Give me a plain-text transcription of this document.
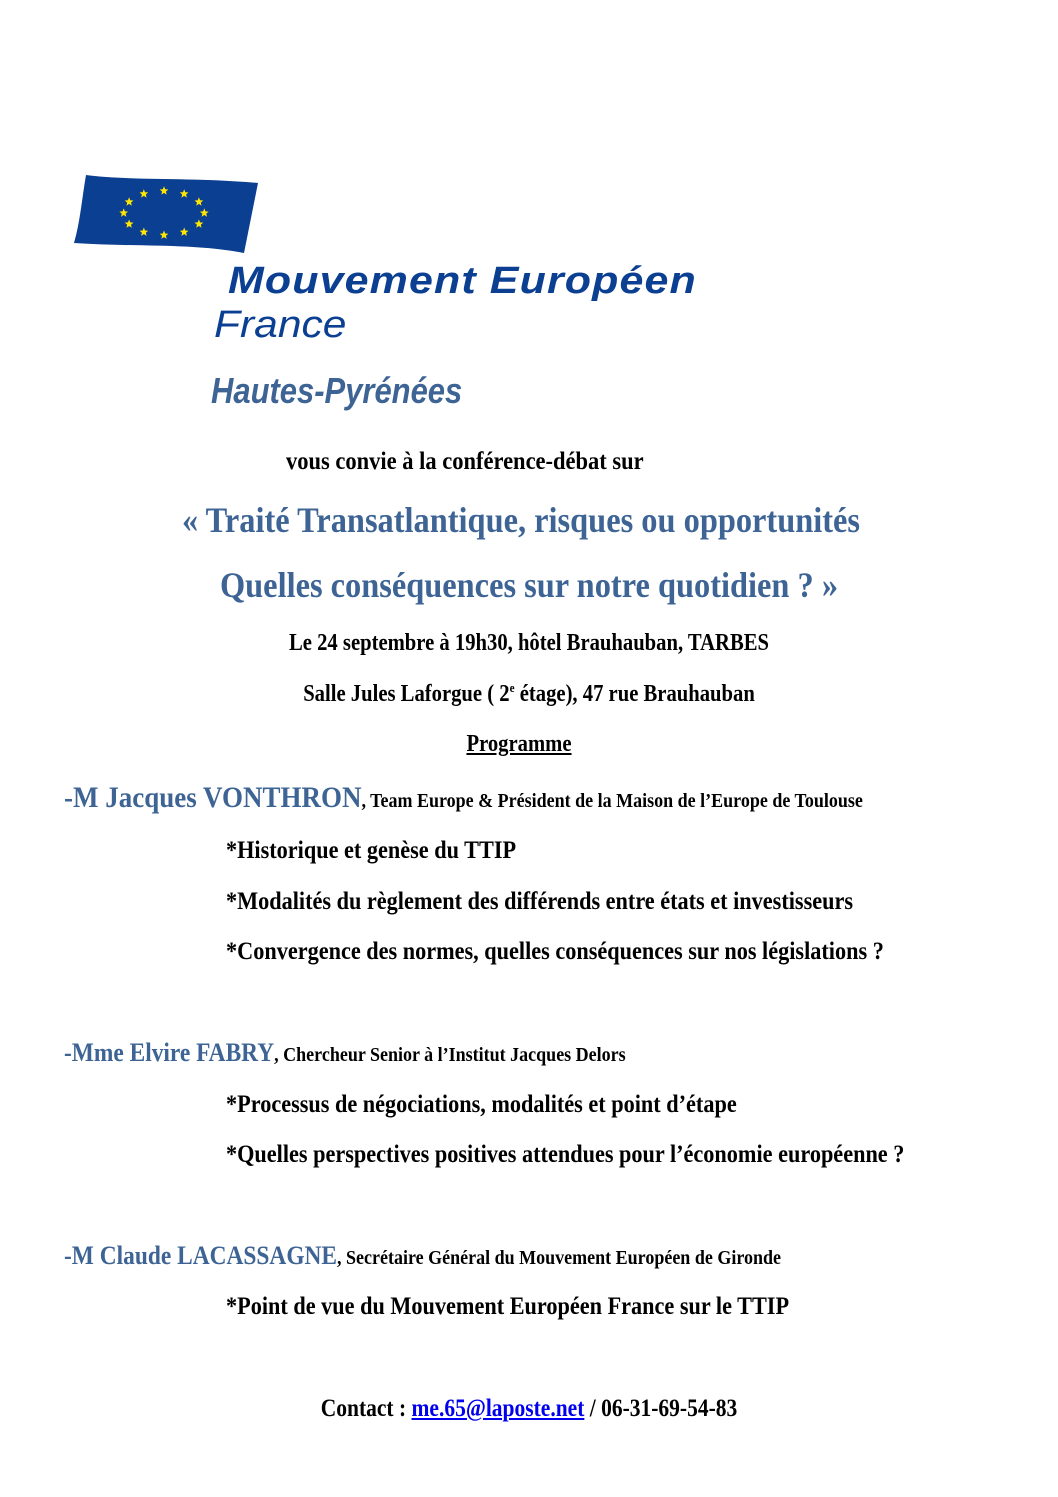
Mouvement Européen
France
Hautes-Pyrénées
vous convie à la conférence-débat sur
« Traité Transatlantique, risques ou opportunités
Quelles conséquences sur notre quotidien ? »
Le 24 septembre à 19h30, hôtel Brauhauban, TARBES
Salle Jules Laforgue ( 2e étage), 47 rue Brauhauban
Programme
-M Jacques VONTHRON, Team Europe & Président de la Maison de l’Europe de Toulouse
*Historique et genèse du TTIP
*Modalités du règlement des différends entre états et investisseurs
*Convergence des normes, quelles conséquences sur nos législations ?
-Mme Elvire FABRY, Chercheur Senior à l’Institut Jacques Delors
*Processus de négociations, modalités et point d’étape
*Quelles perspectives positives attendues pour l’économie européenne ?
-M Claude LACASSAGNE, Secrétaire Général du Mouvement Européen de Gironde
*Point de vue du Mouvement Européen France sur le TTIP
Contact : me.65@laposte.net / 06-31-69-54-83
